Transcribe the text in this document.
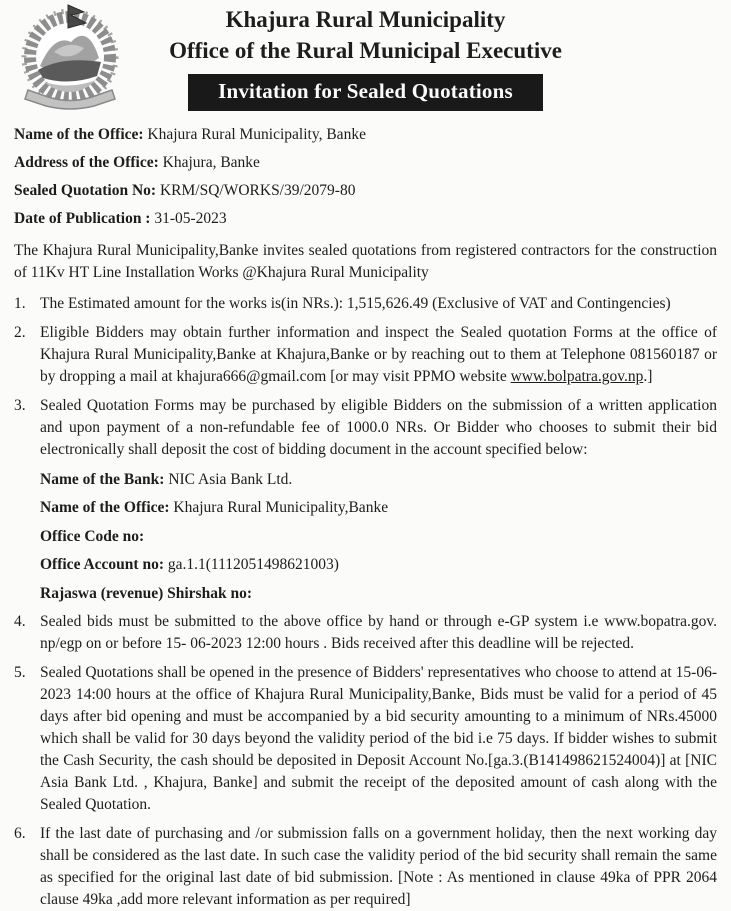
Khajura Rural Municipality
Office of the Rural Municipal Executive
Invitation for Sealed Quotations
Name of the Office: Khajura Rural Municipality, Banke
Address of the Office: Khajura, Banke
Sealed Quotation No: KRM/SQ/WORKS/39/2079-80
Date of Publication : 31-05-2023

The Khajura Rural Municipality,Banke invites sealed quotations from registered contractors for the construction of 11Kv HT Line Installation Works @Khajura Rural Municipality

1. The Estimated amount for the works is(in NRs.): 1,515,626.49 (Exclusive of VAT and Contingencies)
2. Eligible Bidders may obtain further information and inspect the Sealed quotation Forms at the office of Khajura Rural Municipality,Banke at Khajura,Banke or by reaching out to them at Telephone 081560187 or by dropping a mail at khajura666@gmail.com [or may visit PPMO website www.bolpatra.gov.np.]
3. Sealed Quotation Forms may be purchased by eligible Bidders on the submission of a written application and upon payment of a non-refundable fee of 1000.0 NRs. Or Bidder who chooses to submit their bid electronically shall deposit the cost of bidding document in the account specified below:
Name of the Bank: NIC Asia Bank Ltd.
Name of the Office: Khajura Rural Municipality,Banke
Office Code no:
Office Account no: ga.1.1(1112051498621003)
Rajaswa (revenue) Shirshak no:
4. Sealed bids must be submitted to the above office by hand or through e-GP system i.e www.bopatra.gov. np/egp on or before 15- 06-2023 12:00 hours . Bids received after this deadline will be rejected.
5. Sealed Quotations shall be opened in the presence of Bidders' representatives who choose to attend at 15-06-2023 14:00 hours at the office of Khajura Rural Municipality,Banke, Bids must be valid for a period of 45 days after bid opening and must be accompanied by a bid security amounting to a minimum of NRs.45000 which shall be valid for 30 days beyond the validity period of the bid i.e 75 days. If bidder wishes to submit the Cash Security, the cash should be deposited in Deposit Account No.[ga.3.(B141498621524004)] at [NIC Asia Bank Ltd. , Khajura, Banke] and submit the receipt of the deposited amount of cash along with the Sealed Quotation.
6. If the last date of purchasing and /or submission falls on a government holiday, then the next working day shall be considered as the last date. In such case the validity period of the bid security shall remain the same as specified for the original last date of bid submission. [Note : As mentioned in clause 49ka of PPR 2064 clause 49ka ,add more relevant information as per required]
